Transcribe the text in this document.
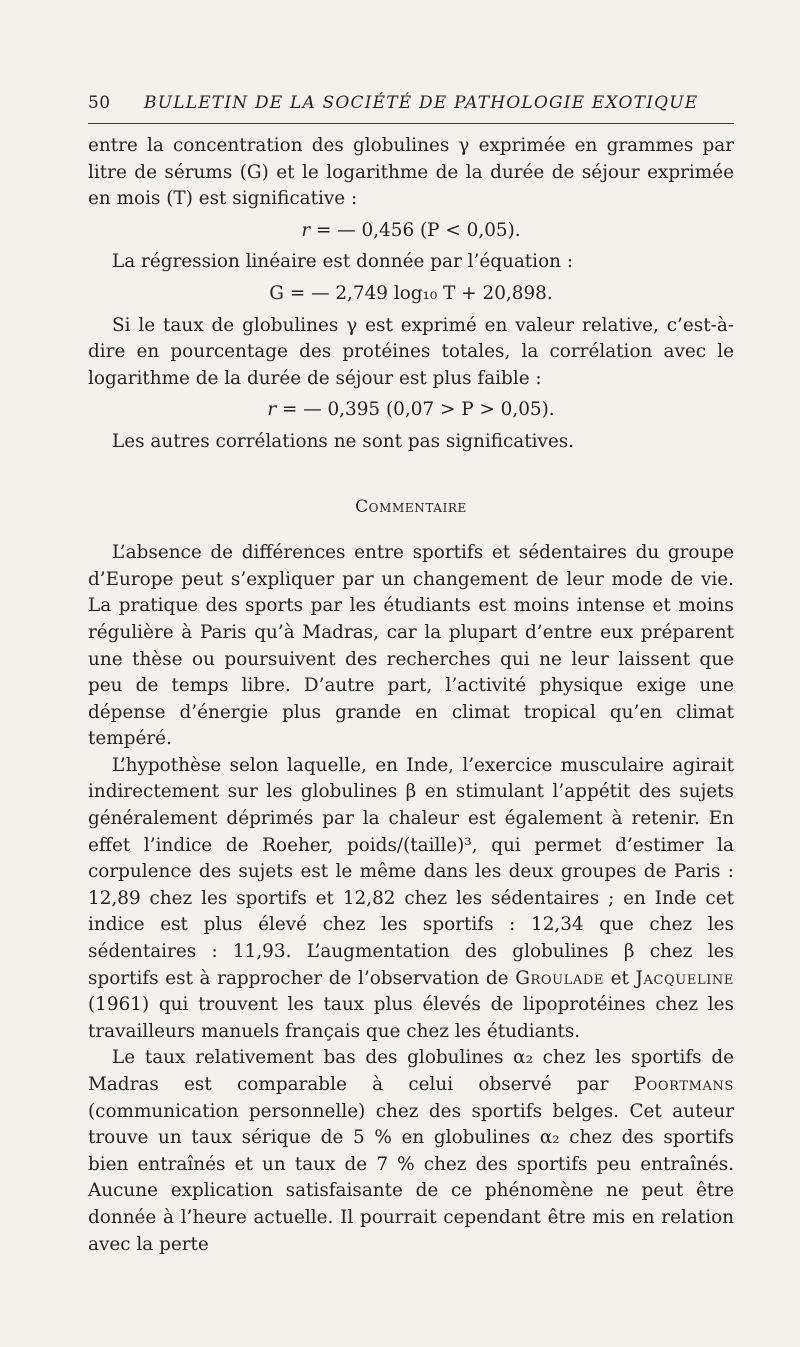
50 BULLETIN DE LA SOCIÉTÉ DE PATHOLOGIE EXOTIQUE

entre la concentration des globulines γ exprimée en grammes par litre de sérums (G) et le logarithme de la durée de séjour exprimée en mois (T) est significative :

r = — 0,456 (P < 0,05).

La régression linéaire est donnée par l’équation :

G = — 2,749 log₁₀ T + 20,898.

Si le taux de globulines γ est exprimé en valeur relative, c’est-à-dire en pourcentage des protéines totales, la corrélation avec le logarithme de la durée de séjour est plus faible :

r = — 0,395 (0,07 > P > 0,05).

Les autres corrélations ne sont pas significatives.

Commentaire

L’absence de différences entre sportifs et sédentaires du groupe d’Europe peut s’expliquer par un changement de leur mode de vie. La pratique des sports par les étudiants est moins intense et moins régulière à Paris qu’à Madras, car la plupart d’entre eux préparent une thèse ou poursuivent des recherches qui ne leur laissent que peu de temps libre. D’autre part, l’activité physique exige une dépense d’énergie plus grande en climat tropical qu’en climat tempéré.

L’hypothèse selon laquelle, en Inde, l’exercice musculaire agirait indirectement sur les globulines β en stimulant l’appétit des sujets généralement déprimés par la chaleur est également à retenir. En effet l’indice de Roeher, poids/(taille)³, qui permet d’estimer la corpulence des sujets est le même dans les deux groupes de Paris : 12,89 chez les sportifs et 12,82 chez les sédentaires ; en Inde cet indice est plus élevé chez les sportifs : 12,34 que chez les sédentaires : 11,93. L’augmentation des globulines β chez les sportifs est à rapprocher de l’observation de Groulade et Jacqueline (1961) qui trouvent les taux plus élevés de lipoprotéines chez les travailleurs manuels français que chez les étudiants.

Le taux relativement bas des globulines α₂ chez les sportifs de Madras est comparable à celui observé par Poortmans (communication personnelle) chez des sportifs belges. Cet auteur trouve un taux sérique de 5 % en globulines α₂ chez des sportifs bien entraînés et un taux de 7 % chez des sportifs peu entraînés. Aucune explication satisfaisante de ce phénomène ne peut être donnée à l’heure actuelle. Il pourrait cependant être mis en relation avec la perte
